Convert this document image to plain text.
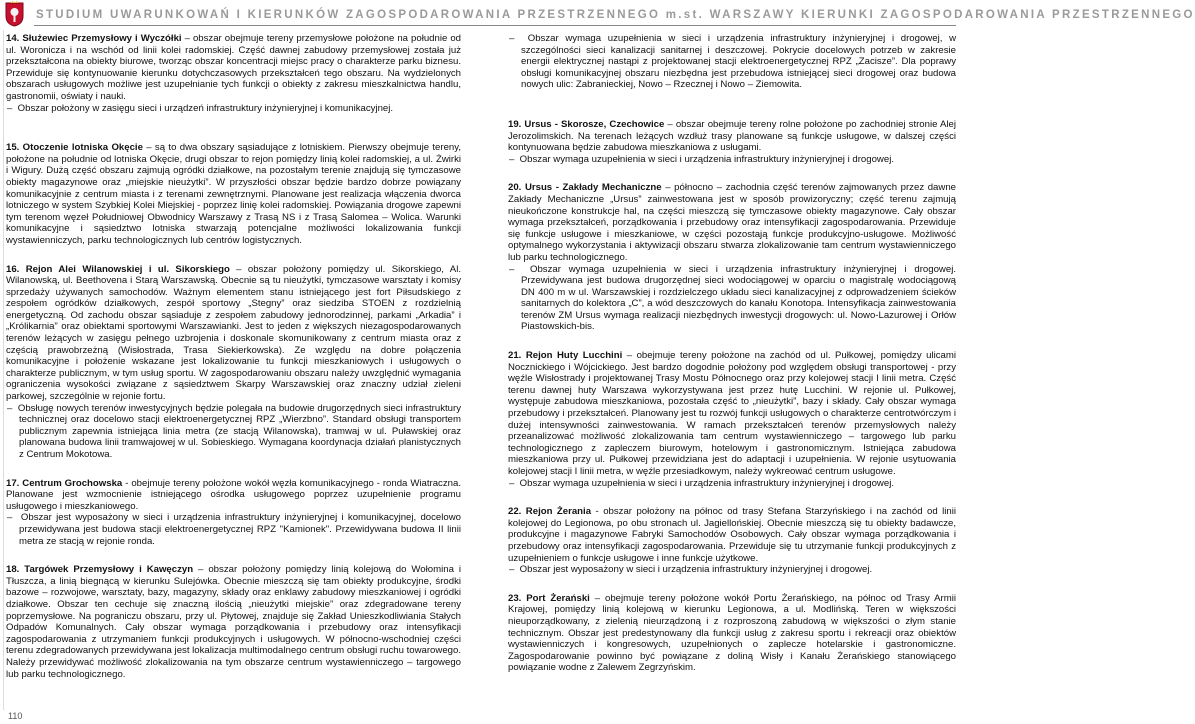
STUDIUM UWARUNKOWAŃ I KIERUNKÓW ZAGOSPODAROWANIA PRZESTRZENNEGO m.st. WARSZAWY KIERUNKI ZAGOSPODAROWANIA PRZESTRZENNEGO

14. Służewiec Przemysłowy i Wyczółki – obszar obejmuje tereny przemysłowe położone na południe od ul. Woronicza i na wschód od linii kolei radomskiej. Część dawnej zabudowy przemysłowej została już przekształcona na obiekty biurowe, tworząc obszar koncentracji miejsc pracy o charakterze parku biznesu. Przewiduje się kontynuowanie kierunku dotychczasowych przekształceń tego obszaru. Na wydzielonych obszarach usługowych możliwe jest uzupełnianie tych funkcji o obiekty z zakresu mieszkalnictwa handlu, gastronomii, oświaty i nauki.

–  Obszar położony w zasięgu sieci i urządzeń infrastruktury inżynieryjnej i komunikacyjnej.

15. Otoczenie lotniska Okęcie – są to dwa obszary sąsiadujące z lotniskiem. Pierwszy obejmuje tereny, położone na południe od lotniska Okęcie, drugi obszar to rejon pomiędzy linią kolei radomskiej, a ul. Żwirki i Wigury. Dużą część obszaru zajmują ogródki działkowe, na pozostałym terenie znajdują się tymczasowe obiekty magazynowe oraz „miejskie nieużytki”. W przyszłości obszar będzie bardzo dobrze powiązany komunikacyjnie z centrum miasta i z terenami zewnętrznymi. Planowane jest realizacja włączenia dworca lotniczego w system Szybkiej Kolei Miejskiej - poprzez linię kolei radomskiej. Powiązania drogowe zapewni tym terenom węzeł Południowej Obwodnicy Warszawy z Trasą NS i z Trasą Salomea – Wolica. Warunki komunikacyjne i sąsiedztwo lotniska stwarzają potencjalne możliwości lokalizowania funkcji wystawienniczych, parku technologicznych lub centrów logistycznych.

16. Rejon Alei Wilanowskiej i ul. Sikorskiego – obszar położony pomiędzy ul. Sikorskiego, Al. Wilanowską, ul. Beethovena i Starą Warszawską. Obecnie są tu nieużytki, tymczasowe warsztaty i komisy sprzedaży używanych samochodów. Ważnym elementem stanu istniejącego jest fort Piłsudskiego z zespołem ogródków działkowych, zespół sportowy „Stegny” oraz siedziba STOEN z rozdzielnią energetyczną. Od zachodu obszar sąsiaduje z zespołem zabudowy jednorodzinnej, parkami „Arkadia” i „Królikarnia” oraz obiektami sportowymi Warszawianki. Jest to jeden z większych niezagospodarowanych terenów leżących w zasięgu pełnego uzbrojenia i doskonale skomunikowany z centrum miasta oraz z częścią prawobrzeżną (Wisłostrada, Trasa Siekierkowska). Ze względu na dobre połączenia komunikacyjne i położenie wskazane jest lokalizowanie tu funkcji mieszkaniowych i usługowych o charakterze publicznym, w tym usług sportu. W zagospodarowaniu obszaru należy uwzględnić wymagania ograniczenia wysokości związane z sąsiedztwem Skarpy Warszawskiej oraz znaczny udział zieleni parkowej, szczególnie w rejonie fortu.

–  Obsługę nowych terenów inwestycyjnych będzie polegała na budowie drugorzędnych sieci infrastruktury technicznej oraz docelowo stacji elektroenergetycznej RPZ „Wierzbno”. Standard obsługi transportem publicznym zapewnia istniejąca linia metra (ze stacją Wilanowska), tramwaj w ul. Puławskiej oraz planowana budowa linii tramwajowej w ul. Sobieskiego. Wymagana koordynacja działań planistycznych z Centrum Mokotowa.

17. Centrum Grochowska - obejmuje tereny położone wokół węzła komunikacyjnego - ronda Wiatraczna. Planowane jest wzmocnienie istniejącego ośrodka usługowego poprzez uzupełnienie programu usługowego i mieszkaniowego.

–  Obszar jest wyposażony w sieci i urządzenia infrastruktury inżynieryjnej i komunikacyjnej, docelowo przewidywana jest budowa stacji elektroenergetycznej RPZ "Kamionek". Przewidywana budowa II linii metra ze stacją w rejonie ronda.

18. Targówek Przemysłowy i Kawęczyn – obszar położony pomiędzy linią kolejową do Wołomina i Tłuszcza, a linią biegnącą w kierunku Sulejówka. Obecnie mieszczą się tam obiekty produkcyjne, środki bazowe – rozwojowe, warsztaty, bazy, magazyny, składy oraz enklawy zabudowy mieszkaniowej i ogródki działkowe. Obszar ten cechuje się znaczną ilością „nieużytki miejskie” oraz zdegradowane tereny poprzemysłowe. Na pograniczu obszaru, przy ul. Płytowej, znajduje się Zakład Unieszkodliwiania Stałych Odpadów Komunalnych. Cały obszar wymaga porządkowania i przebudowy oraz intensyfikacji zagospodarowania z utrzymaniem funkcji produkcyjnych i usługowych. W północno-wschodniej części terenu zdegradowanych przewidywana jest lokalizacja multimodalnego centrum obsługi ruchu towarowego. Należy przewidywać możliwość zlokalizowania na tym obszarze centrum wystawienniczego – targowego lub parku technologicznego.

–  Obszar wymaga uzupełnienia w sieci i urządzenia infrastruktury inżynieryjnej i drogowej, w szczególności sieci kanalizacji sanitarnej i deszczowej. Pokrycie docelowych potrzeb w zakresie energii elektrycznej nastąpi z projektowanej stacji elektroenergetycznej RPZ „Zacisze”. Dla poprawy obsługi komunikacyjnej obszaru niezbędna jest przebudowa istniejącej sieci drogowej oraz budowa nowych ulic: Zabranieckiej, Nowo – Rzecznej i Nowo – Ziemowita.

19. Ursus - Skorosze, Czechowice – obszar obejmuje tereny rolne położone po zachodniej stronie Alej Jerozolimskich. Na terenach leżących wzdłuż trasy planowane są funkcje usługowe, w dalszej części kontynuowana będzie zabudowa mieszkaniowa z usługami.

–  Obszar wymaga uzupełnienia w sieci i urządzenia infrastruktury inżynieryjnej i drogowej.

20. Ursus - Zakłady Mechaniczne – północno – zachodnia część terenów zajmowanych przez dawne Zakłady Mechaniczne „Ursus” zainwestowana jest w sposób prowizoryczny; część terenu zajmują nieukończone konstrukcje hal, na części mieszczą się tymczasowe obiekty magazynowe. Cały obszar wymaga przekształceń, porządkowania i przebudowy oraz intensyfikacji zagospodarowania. Przewiduje się funkcje usługowe i mieszkaniowe, w części pozostają funkcje produkcyjno-usługowe. Możliwość optymalnego wykorzystania i aktywizacji obszaru stwarza zlokalizowanie tam centrum wystawienniczego lub parku technologicznego.

–  Obszar wymaga uzupełnienia w sieci i urządzenia infrastruktury inżynieryjnej i drogowej. Przewidywana jest budowa drugorzędnej sieci wodociągowej w oparciu o magistralę wodociągową DN 400 m w ul. Warszawskiej i rozdzielczego układu sieci kanalizacyjnej z odprowadzeniem ścieków sanitarnych do kolektora „C”, a wód deszczowych do kanału Konotopa. Intensyfikacja zainwestowania terenów ZM Ursus wymaga realizacji niezbędnych inwestycji drogowych: ul. Nowo-Lazurowej i Orłów Piastowskich-bis.

21. Rejon Huty Lucchini – obejmuje tereny położone na zachód od ul. Pułkowej, pomiędzy ulicami Nocznickiego i Wójcickiego. Jest bardzo dogodnie położony pod względem obsługi transportowej - przy węźle Wisłostrady i projektowanej Trasy Mostu Północnego oraz przy kolejowej stacji I linii metra. Część terenu dawnej huty Warszawa wykorzystywana jest przez hutę Lucchini. W rejonie ul. Pułkowej, występuje zabudowa mieszkaniowa, pozostała część to „nieużytki”, bazy i składy. Cały obszar wymaga przebudowy i przekształceń. Planowany jest tu rozwój funkcji usługowych o charakterze centrotwórczym i dużej intensywności zainwestowania. W ramach przekształceń terenów przemysłowych należy przeanalizować możliwość zlokalizowania tam centrum wystawienniczego – targowego lub parku technologicznego z zapleczem biurowym, hotelowym i gastronomicznym. Istniejąca zabudowa mieszkaniowa przy ul. Pułkowej przewidziana jest do adaptacji i uzupełnienia. W rejonie usytuowania kolejowej stacji I linii metra, w węźle przesiadkowym, należy wykreować centrum usługowe.

–  Obszar wymaga uzupełnienia w sieci i urządzenia infrastruktury inżynieryjnej i drogowej.

22. Rejon Żerania - obszar położony na północ od trasy Stefana Starzyńskiego i na zachód od linii kolejowej do Legionowa, po obu stronach ul. Jagiellońskiej. Obecnie mieszczą się tu obiekty badawcze, produkcyjne i magazynowe Fabryki Samochodów Osobowych. Cały obszar wymaga porządkowania i przebudowy oraz intensyfikacji zagospodarowania. Przewiduje się tu utrzymanie funkcji produkcyjnych z uzupełnieniem o funkcje usługowe i inne funkcje użytkowe.

–  Obszar jest wyposażony w sieci i urządzenia infrastruktury inżynieryjnej i drogowej.

23. Port Żerański – obejmuje tereny położone wokół Portu Żerańskiego, na północ od Trasy Armii Krajowej, pomiędzy linią kolejową w kierunku Legionowa, a ul. Modlińską. Teren w większości nieuporządkowany, z zielenią nieurządzoną i z rozproszoną zabudową w większości o złym stanie technicznym. Obszar jest predestynowany dla funkcji usług z zakresu sportu i rekreacji oraz obiektów wystawienniczych i kongresowych, uzupełnionych o zaplecze hotelarskie i gastronomiczne. Zagospodarowanie powinno być powiązane z doliną Wisły i Kanału Żerańskiego stanowiącego powiązanie wodne z Zalewem Zegrzyńskim.

110
